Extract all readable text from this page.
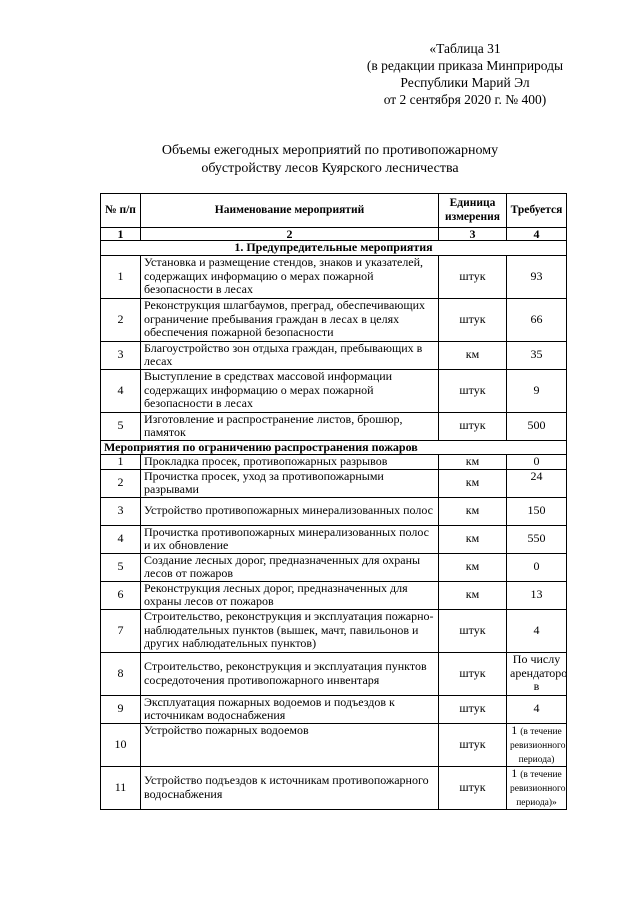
«Таблица 31
(в редакции приказа Минприроды
Республики Марий Эл
от 2 сентября 2020 г. № 400)
Объемы ежегодных мероприятий по противопожарному
обустройству лесов Куярского лесничества
№ п/п	Наименование мероприятий	Единица измерения	Требуется
1	2	3	4
1. Предупредительные мероприятия			
1	Установка и размещение стендов, знаков и указателей, содержащих информацию о мерах пожарной безопасности в лесах	штук	93
2	Реконструкция шлагбаумов, преград, обеспечивающих ограничение пребывания граждан в лесах в целях обеспечения пожарной безопасности	штук	66
3	Благоустройство зон отдыха граждан, пребывающих в лесах	км	35
4	Выступление в средствах массовой информации содержащих информацию о мерах пожарной безопасности в лесах	штук	9
5	Изготовление и распространение листов, брошюр, памяток	штук	500
Мероприятия по ограничению распространения пожаров			
1	Прокладка просек, противопожарных разрывов	км	0
2	Прочистка просек, уход за противопожарными разрывами	км	24
3	Устройство противопожарных минерализованных полос	км	150
4	Прочистка противопожарных минерализованных полос и их обновление	км	550
5	Создание лесных дорог, предназначенных для охраны лесов от пожаров	км	0
6	Реконструкция лесных дорог, предназначенных для охраны лесов от пожаров	км	13
7	Строительство, реконструкция и эксплуатация пожарно-наблюдательных пунктов (вышек, мачт, павильонов и других наблюдательных пунктов)	штук	4
8	Строительство, реконструкция и эксплуатация пунктов сосредоточения противопожарного инвентаря	штук	По числу арендаторо в
9	Эксплуатация пожарных водоемов и подъездов к источникам водоснабжения	штук	4
10	Устройство пожарных водоемов	штук	1 (в течение ревизионного периода)
11	Устройство подъездов к источникам противопожарного водоснабжения	штук	1 (в течение ревизионного периода)»
